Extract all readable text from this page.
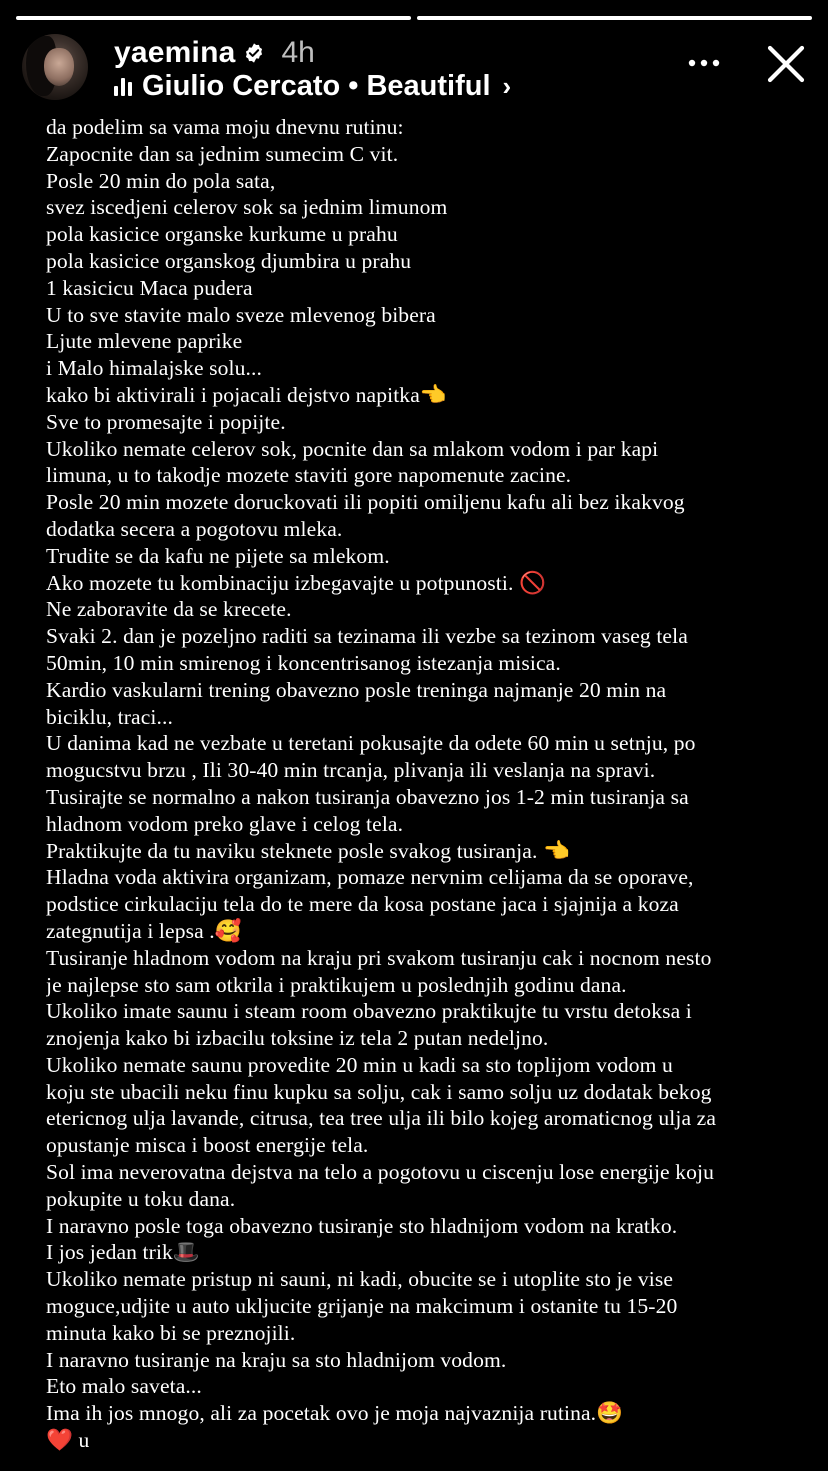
yaemina 4h
Giulio Cercato • Beautiful ›
da podelim sa vama moju dnevnu rutinu:
Zapocnite dan sa jednim sumecim C vit.
Posle 20 min do pola sata,
svez iscedjeni celerov sok sa jednim limunom
pola kasicice organske kurkume u prahu
pola kasicice organskog djumbira u prahu
1 kasicicu Maca pudera
U to sve stavite malo sveze mlevenog bibera
Ljute mlevene paprike
i Malo himalajske solu...
kako bi aktivirali i pojacali dejstvo napitka👈
Sve to promesajte i popijte.
Ukoliko nemate celerov sok, pocnite dan sa mlakom vodom i par kapi
limuna, u to takodje mozete staviti gore napomenute zacine.
Posle 20 min mozete doruckovati ili popiti omiljenu kafu ali bez ikakvog
dodatka secera a pogotovu mleka.
Trudite se da kafu ne pijete sa mlekom.
Ako mozete tu kombinaciju izbegavajte u potpunosti. 🚫
Ne zaboravite da se krecete.
Svaki 2. dan je pozeljno raditi sa tezinama ili vezbe sa tezinom vaseg tela
50min, 10 min smirenog i koncentrisanog istezanja misica.
Kardio vaskularni trening obavezno posle treninga najmanje 20 min na
biciklu, traci...
U danima kad ne vezbate u teretani pokusajte da odete 60 min u setnju, po
mogucstvu brzu , Ili 30-40 min trcanja, plivanja ili veslanja na spravi.
Tusirajte se normalno a nakon tusiranja obavezno jos 1-2 min tusiranja sa
hladnom vodom preko glave i celog tela.
Praktikujte da tu naviku steknete posle svakog tusiranja. 👈
Hladna voda aktivira organizam, pomaze nervnim celijama da se oporave,
podstice cirkulaciju tela do te mere da kosa postane jaca i sjajnija a koza
zategnutija i lepsa .🥰
Tusiranje hladnom vodom na kraju pri svakom tusiranju cak i nocnom nesto
je najlepse sto sam otkrila i praktikujem u poslednjih godinu dana.
Ukoliko imate saunu i steam room obavezno praktikujte tu vrstu detoksa i
znojenja kako bi izbacilu toksine iz tela 2 putan nedeljno.
Ukoliko nemate saunu provedite 20 min u kadi sa sto toplijom vodom u
koju ste ubacili neku finu kupku sa solju, cak i samo solju uz dodatak bekog
etericnog ulja lavande, citrusa, tea tree ulja ili bilo kojeg aromaticnog ulja za
opustanje misca i boost energije tela.
Sol ima neverovatna dejstva na telo a pogotovu u ciscenju lose energije koju
pokupite u toku dana.
I naravno posle toga obavezno tusiranje sto hladnijom vodom na kratko.
I jos jedan trik🎩
Ukoliko nemate pristup ni sauni, ni kadi, obucite se i utoplite sto je vise
moguce,udjite u auto ukljucite grijanje na makcimum i ostanite tu 15-20
minuta kako bi se preznojili.
I naravno tusiranje na kraju sa sto hladnijom vodom.
Eto malo saveta...
Ima ih jos mnogo, ali za pocetak ovo je moja najvaznija rutina.🤩
❤️ u
